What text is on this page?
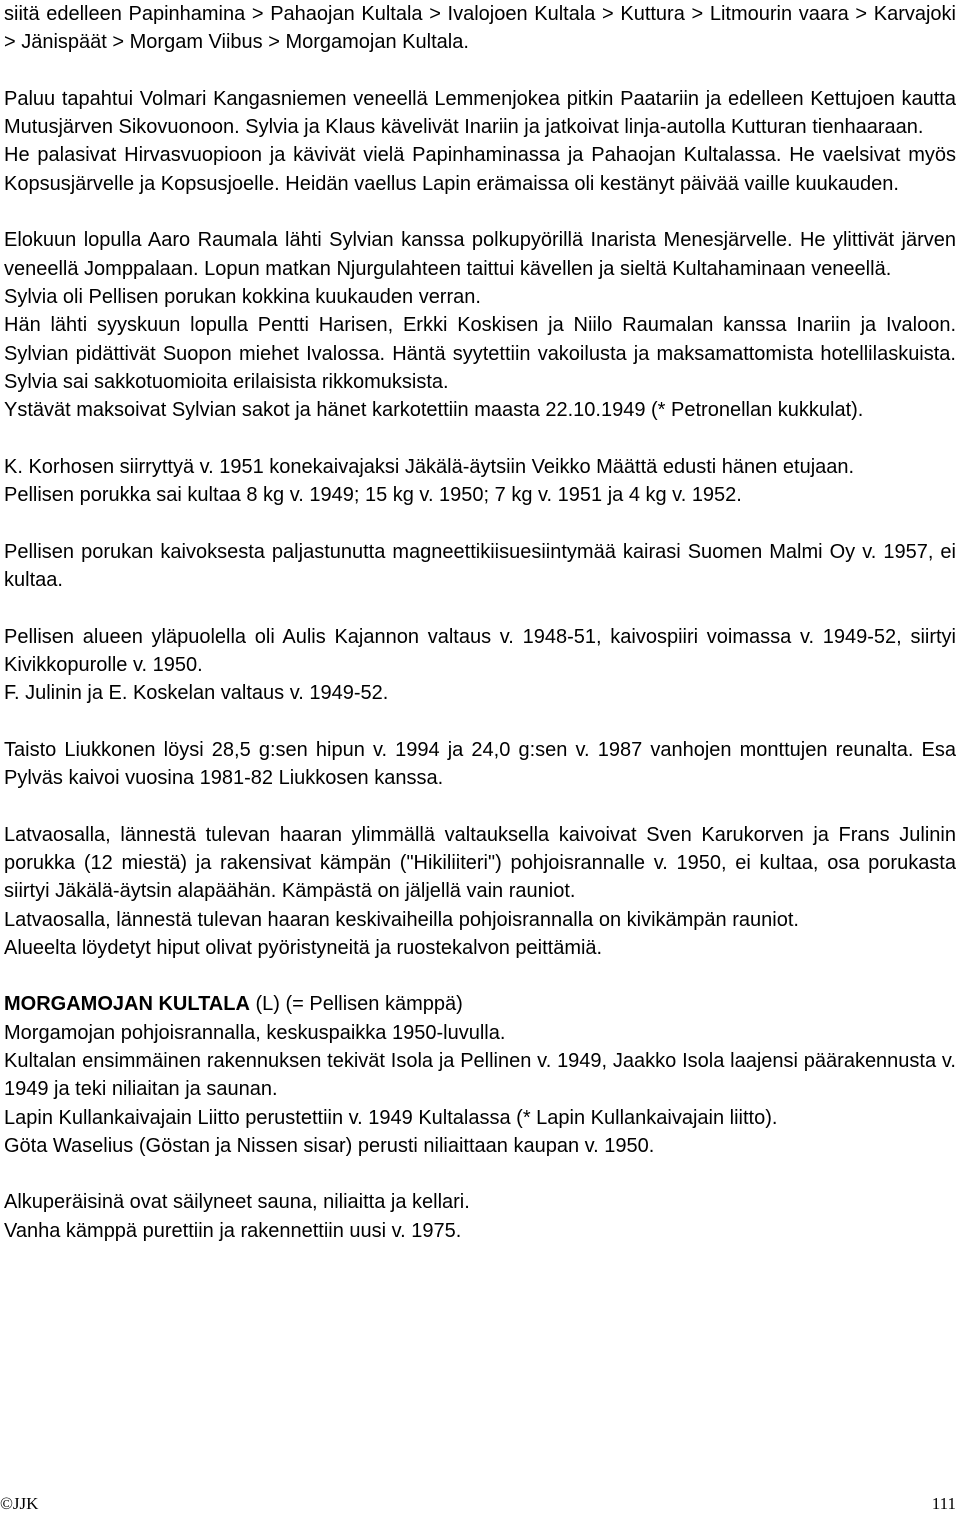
siitä edelleen Papinhamina > Pahaojan Kultala > Ivalojoen Kultala > Kuttura > Litmourin vaara > Karvajoki > Jänispäät > Morgam Viibus > Morgamojan Kultala.

Paluu tapahtui Volmari Kangasniemen veneellä Lemmenjokea pitkin Paatariin ja edelleen Kettujoen kautta Mutusjärven Sikovuonoon. Sylvia ja Klaus kävelivät Inariin ja jatkoivat linja-autolla Kutturan tienhaaraan.

He palasivat Hirvasvuopioon ja kävivät vielä Papinhaminassa ja Pahaojan Kultalassa. He vaelsivat myös Kopsusjärvelle ja Kopsusjoelle. Heidän vaellus Lapin erämaissa oli kestänyt päivää vaille kuukauden.

Elokuun lopulla Aaro Raumala lähti Sylvian kanssa polkupyörillä Inarista Menesjärvelle. He ylittivät järven veneellä Jomppalaan. Lopun matkan Njurgulahteen taittui kävellen ja sieltä Kultahaminaan veneellä.

Sylvia oli Pellisen porukan kokkina kuukauden verran.

Hän lähti syyskuun lopulla Pentti Harisen, Erkki Koskisen ja Niilo Raumalan kanssa Inariin ja Ivaloon. Sylvian pidättivät Suopon miehet Ivalossa. Häntä syytettiin vakoilusta ja maksamattomista hotellilaskuista. Sylvia sai sakkotuomioita erilaisista rikkomuksista.

Ystävät maksoivat Sylvian sakot ja hänet karkotettiin maasta 22.10.1949 (* Petronellan kukkulat).

K. Korhosen siirryttyä v. 1951 konekaivajaksi Jäkälä-äytsiin Veikko Määttä edusti hänen etujaan.

Pellisen porukka sai kultaa 8 kg v. 1949; 15 kg v. 1950; 7 kg v. 1951 ja 4 kg v. 1952.

Pellisen porukan kaivoksesta paljastunutta magneettikiisuesiintymää kairasi Suomen Malmi Oy v. 1957, ei kultaa.

Pellisen alueen yläpuolella oli Aulis Kajannon valtaus v. 1948-51, kaivospiiri voimassa v. 1949-52, siirtyi Kivikkopurolle v. 1950.

F. Julinin ja E. Koskelan valtaus v. 1949-52.

Taisto Liukkonen löysi 28,5 g:sen hipun v. 1994 ja 24,0 g:sen v. 1987 vanhojen monttujen reunalta. Esa Pylväs kaivoi vuosina 1981-82 Liukkosen kanssa.

Latvaosalla, lännestä tulevan haaran ylimmällä valtauksella kaivoivat Sven Karukorven ja Frans Julinin porukka (12 miestä) ja rakensivat kämpän ("Hikiliiteri") pohjoisrannalle v. 1950, ei kultaa, osa porukasta siirtyi Jäkälä-äytsin alapäähän. Kämpästä on jäljellä vain rauniot.

Latvaosalla, lännestä tulevan haaran keskivaiheilla pohjoisrannalla on kivikämpän rauniot.

Alueelta löydetyt hiput olivat pyöristyneitä ja ruostekalvon peittämiä.

MORGAMOJAN KULTALA (L) (= Pellisen kämppä)

Morgamojan pohjoisrannalla, keskuspaikka 1950-luvulla.

Kultalan ensimmäinen rakennuksen tekivät Isola ja Pellinen v. 1949, Jaakko Isola laajensi päärakennusta v. 1949 ja teki niliaitan ja saunan.

Lapin Kullankaivajain Liitto perustettiin v. 1949 Kultalassa (* Lapin Kullankaivajain liitto).

Göta Waselius (Göstan ja Nissen sisar) perusti niliaittaan kaupan v. 1950.

Alkuperäisinä ovat säilyneet sauna, niliaitta ja kellari.

Vanha kämppä purettiin ja rakennettiin uusi v. 1975.

©JJK	111
